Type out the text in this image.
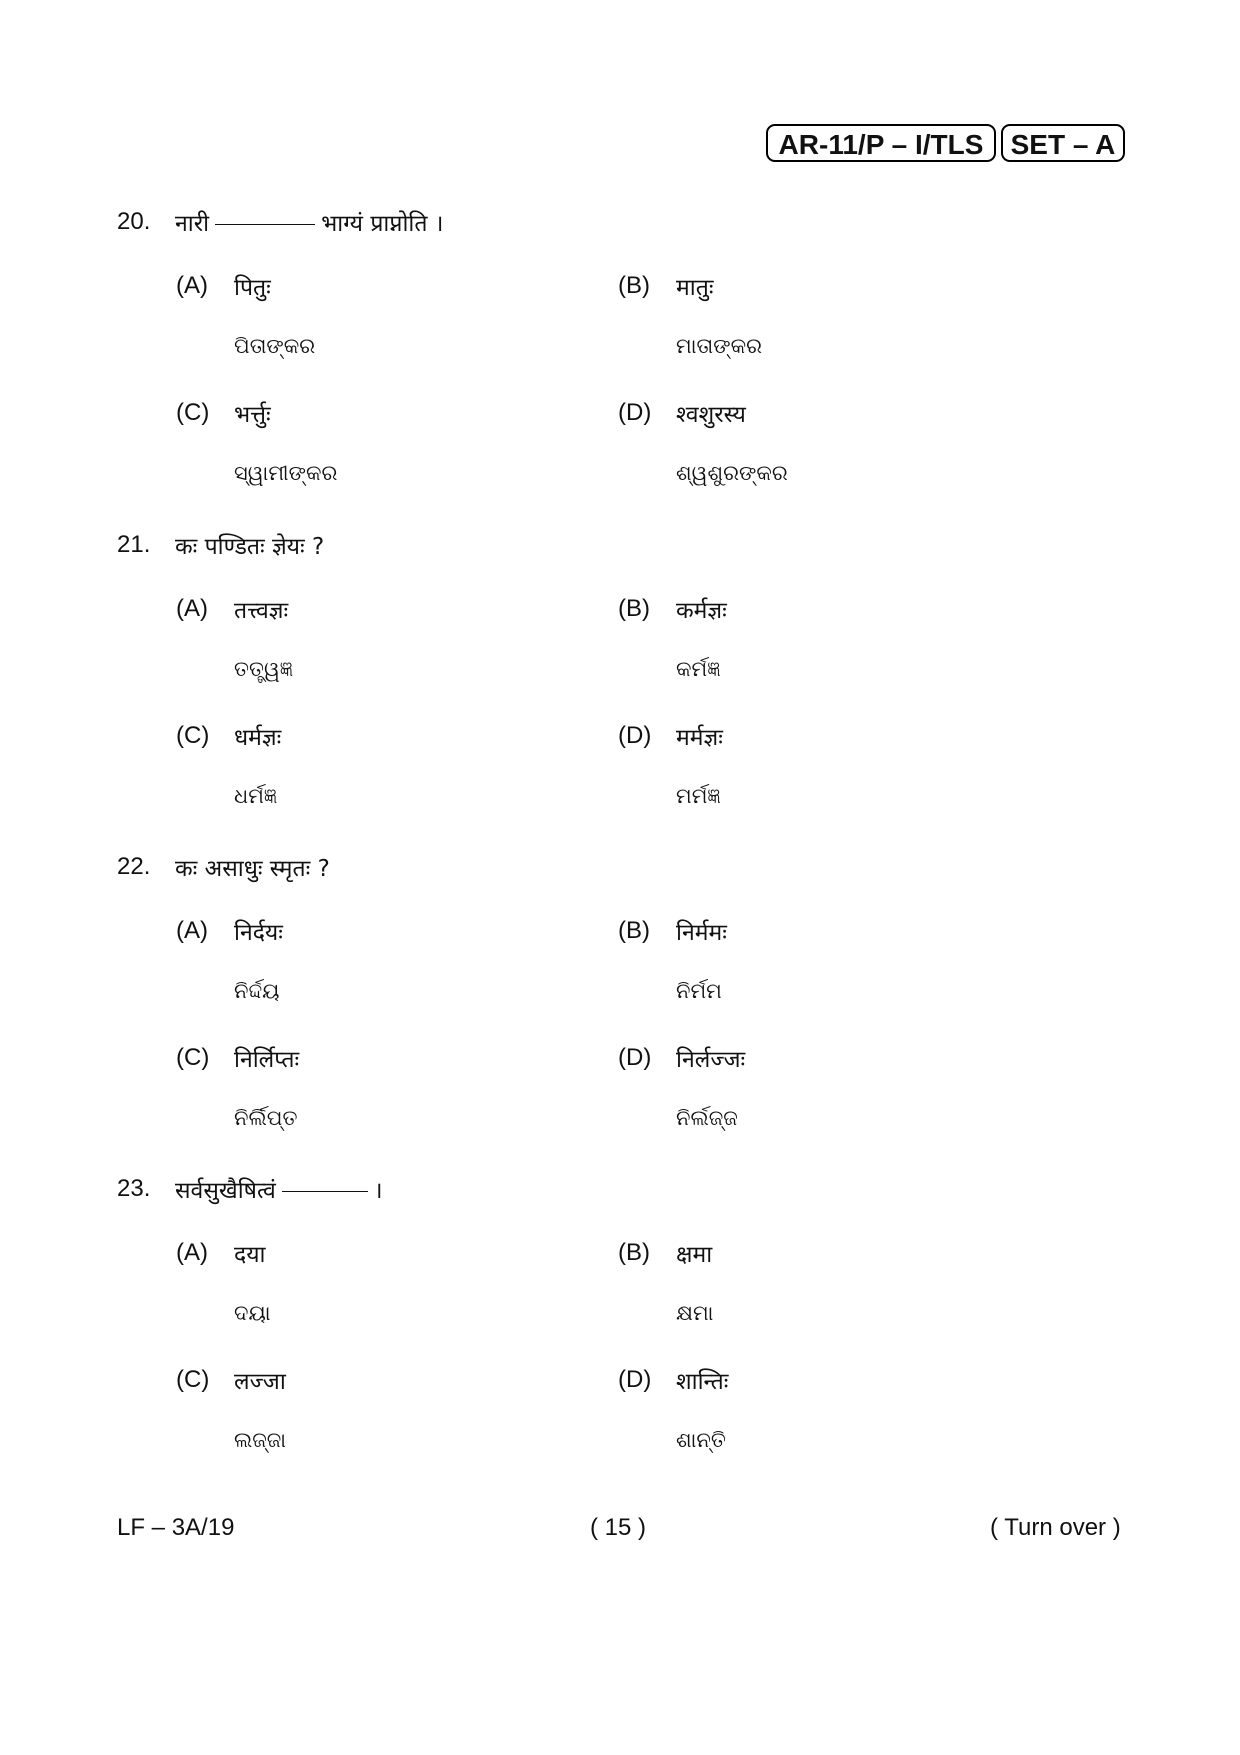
AR-11/P – I/TLS SET – A
20. नारी	भाग्यं प्राप्नोति ।
(A) पितुः
ପିତାଙ୍କର
(B) मातुः
ମାତାଙ୍କର
(C) भर्त्तुः
ସ୍ୱାମୀଙ୍କର
(D) श्वशुरस्य
ଶ୍ୱଶୁରଙ୍କର
21. कः पण्डितः ज्ञेयः ?
(A) तत्त्वज्ञः
ତତ୍ତ୍ୱଜ୍ଞ
(B) कर्मज्ञः
କର୍ମଜ୍ଞ
(C) धर्मज्ञः
ଧର୍ମଜ୍ଞ
(D) मर्मज्ञः
ମର୍ମଜ୍ଞ
22. कः असाधुः स्मृतः ?
(A) निर्दयः
ନିର୍ଦ୍ଦୟ
(B) निर्ममः
ନିର୍ମମ
(C) निर्लिप्तः
ନିର୍ଲିପ୍ତ
(D) निर्लज्जः
ନିର୍ଲଜ୍ଜ
23. सर्वसुखैषित्वं	।
(A) दया
ଦୟା
(B) क्षमा
କ୍ଷମା
(C) लज्जा
ଲଜ୍ଜା
(D) शान्तिः
ଶାନ୍ତି
LF – 3A/19	( 15 )	( Turn over )
